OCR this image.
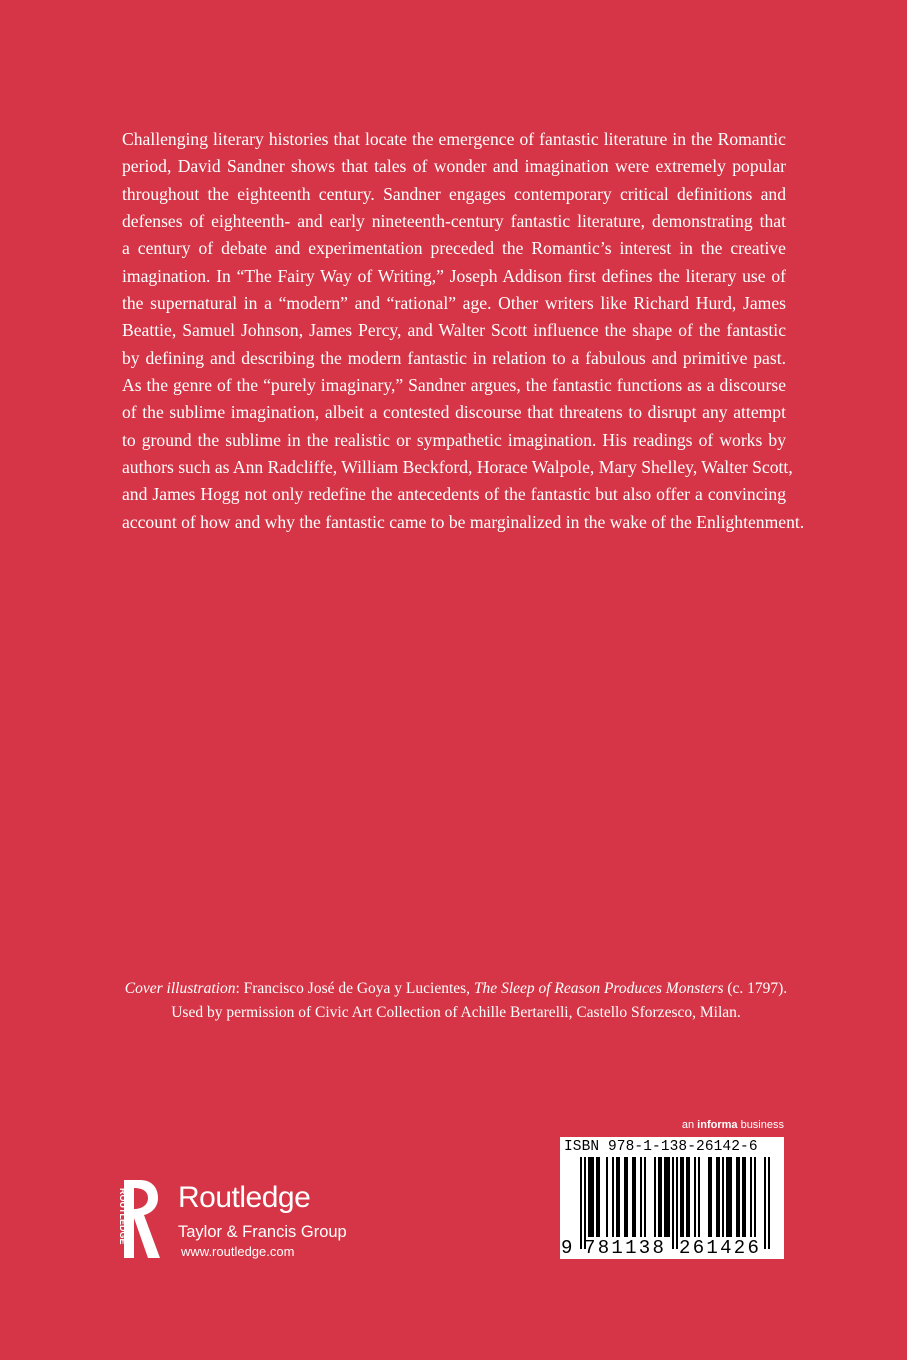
Challenging literary histories that locate the emergence of fantastic literature in the Romantic
period, David Sandner shows that tales of wonder and imagination were extremely popular
throughout the eighteenth century. Sandner engages contemporary critical definitions and
defenses of eighteenth- and early nineteenth-century fantastic literature, demonstrating that
a century of debate and experimentation preceded the Romantic’s interest in the creative
imagination. In “The Fairy Way of Writing,” Joseph Addison first defines the literary use of
the supernatural in a “modern” and “rational” age. Other writers like Richard Hurd, James
Beattie, Samuel Johnson, James Percy, and Walter Scott influence the shape of the fantastic
by defining and describing the modern fantastic in relation to a fabulous and primitive past.
As the genre of the “purely imaginary,” Sandner argues, the fantastic functions as a discourse
of the sublime imagination, albeit a contested discourse that threatens to disrupt any attempt
to ground the sublime in the realistic or sympathetic imagination. His readings of works by
authors such as Ann Radcliffe, William Beckford, Horace Walpole, Mary Shelley, Walter Scott,
and James Hogg not only redefine the antecedents of the fantastic but also offer a convincing
account of how and why the fantastic came to be marginalized in the wake of the Enlightenment.
Cover illustration: Francisco José de Goya y Lucientes, The Sleep of Reason Produces Monsters (c. 1797).
Used by permission of Civic Art Collection of Achille Bertarelli, Castello Sforzesco, Milan.
ROUTLEDGE Routledge
Taylor & Francis Group
www.routledge.com
an informa business
ISBN 978-1-138-26142-6
9 781138 261426
